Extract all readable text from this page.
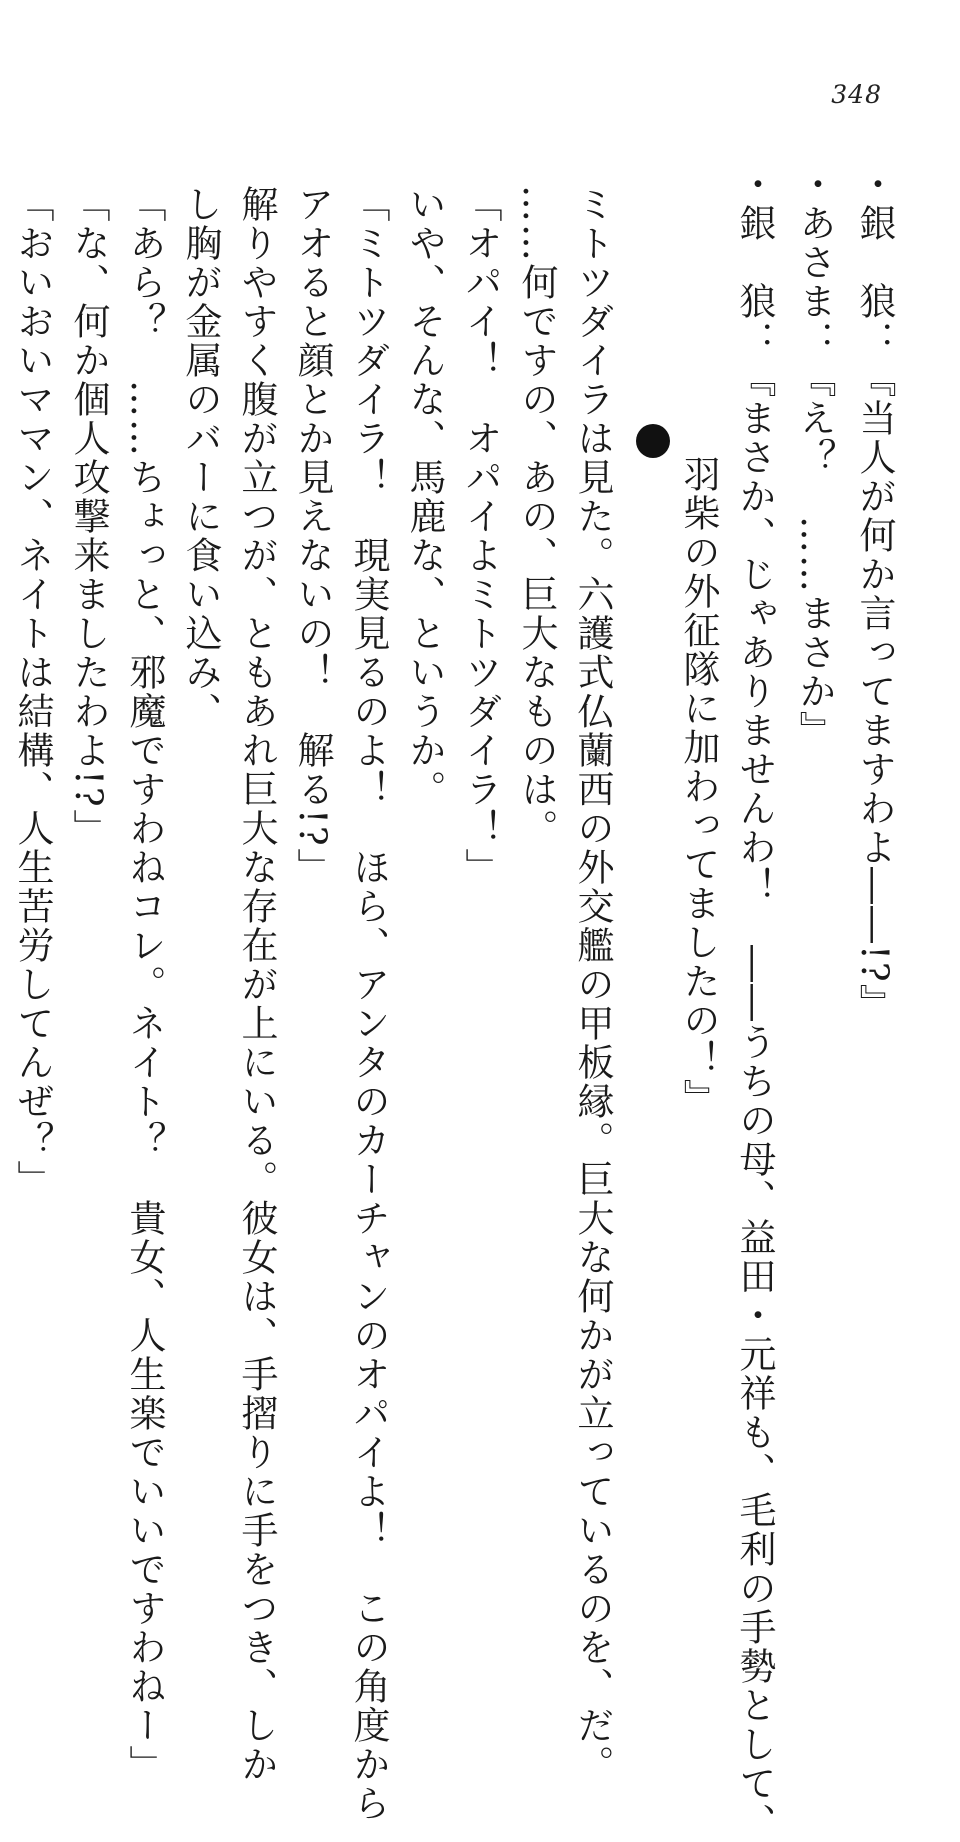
348
・銀　狼：『当人が何か言ってますわよ――!?』
・あさま：『え？　……まさか』
・銀　狼：『まさか、じゃありませんわ！　――うちの母、益田・元祥も、毛利の手勢として、
羽柴の外征隊に加わってましたの！』
ミトツダイラは見た。六護式仏蘭西の外交艦の甲板縁。巨大な何かが立っているのを、だ。
……何ですの、あの、巨大なものは。
「オパイ！　オパイよミトツダイラ！」
いや、そんな、馬鹿な、というか。
「ミトツダイラ！　現実見るのよ！　ほら、アンタのカーチャンのオパイよ！　この角度から
アオると顔とか見えないの！　解る!?」
解りやすく腹が立つが、ともあれ巨大な存在が上にいる。彼女は、手摺りに手をつき、しか
し胸が金属のバーに食い込み、
「あら？　……ちょっと、邪魔ですわねコレ。ネイト？　貴女、人生楽でいいですわねー」
「な、何か個人攻撃来ましたわよ!?」
「おいおいママン、ネイトは結構、人生苦労してんぜ？」
